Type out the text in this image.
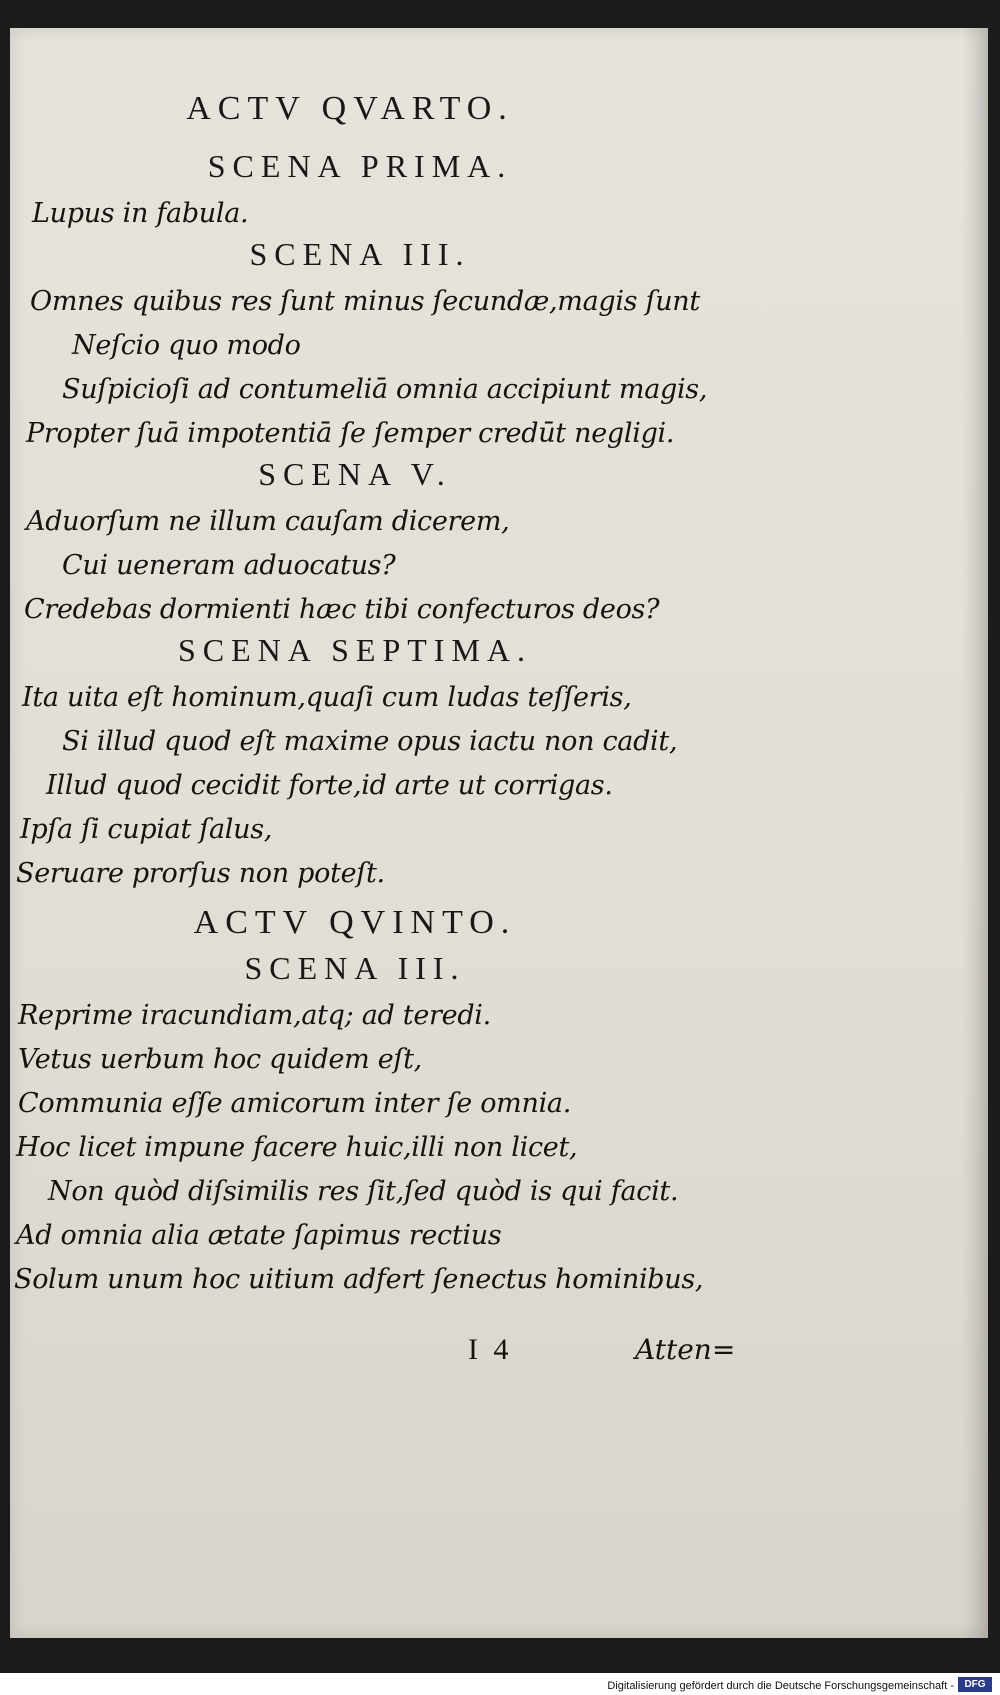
ACTV QVARTO.
SCENA PRIMA.

Lupus in fabula.

SCENA III.

Omnes quibus res ſunt minus ſecundæ,magis ſunt

Neſcio quo modo

Suſpicioſi ad contumeliā omnia accipiunt magis,

Propter ſuā impotentiā ſe ſemper credūt negligi.

SCENA V.

Aduorſum ne illum cauſam dicerem,

Cui ueneram aduocatus?

Credebas dormienti hæc tibi confecturos deos?

SCENA SEPTIMA.

Ita uita eſt hominum,quaſi cum ludas teſſeris,

Si illud quod eſt maxime opus iactu non cadit,

Illud quod cecidit forte,id arte ut corrigas.

Ipſa ſi cupiat ſalus,

Seruare prorſus non poteſt.

ACTV QVINTO.
SCENA III.

Reprime iracundiam,atq; ad teredi.

Vetus uerbum hoc quidem eſt,

Communia eſſe amicorum inter ſe omnia.

Hoc licet impune facere huic,illi non licet,

Non quòd diſsimilis res ſit,ſed quòd is qui facit.

Ad omnia alia ætate ſapimus rectius

Solum unum hoc uitium adfert ſenectus hominibus,

I 4	Atten=
Digitalisierung gefördert durch die Deutsche Forschungsgemeinschaft -	DFG
